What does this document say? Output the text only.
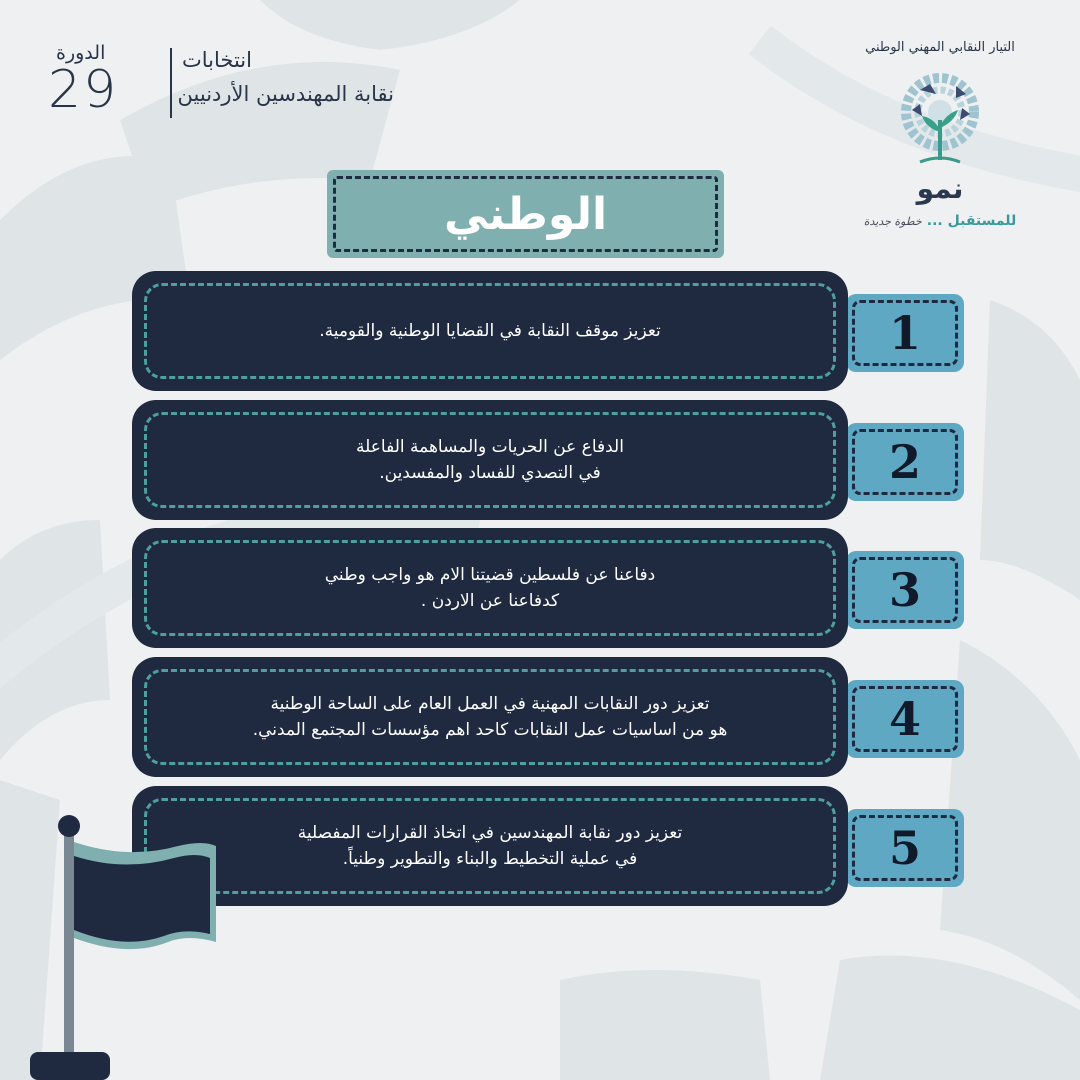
الدورة
29	انتخابات
نقابة المهندسين الأردنيين
التيار النقابي المهني الوطني
نمو
للمستقبل ... خطوة جديدة
الوطني
1
تعزيز موقف النقابة في القضايا الوطنية والقومية.
2
الدفاع عن الحريات والمساهمة الفاعلة
في التصدي للفساد والمفسدين.
3
دفاعنا عن فلسطين قضيتنا الام هو واجب وطني
كدفاعنا عن الاردن .
4
تعزيز دور النقابات المهنية في العمل العام على الساحة الوطنية
هو من اساسيات عمل النقابات كاحد اهم مؤسسات المجتمع المدني.
5
تعزيز دور نقابة المهندسين في اتخاذ القرارات المفصلية
في عملية التخطيط والبناء والتطوير وطنياً.
